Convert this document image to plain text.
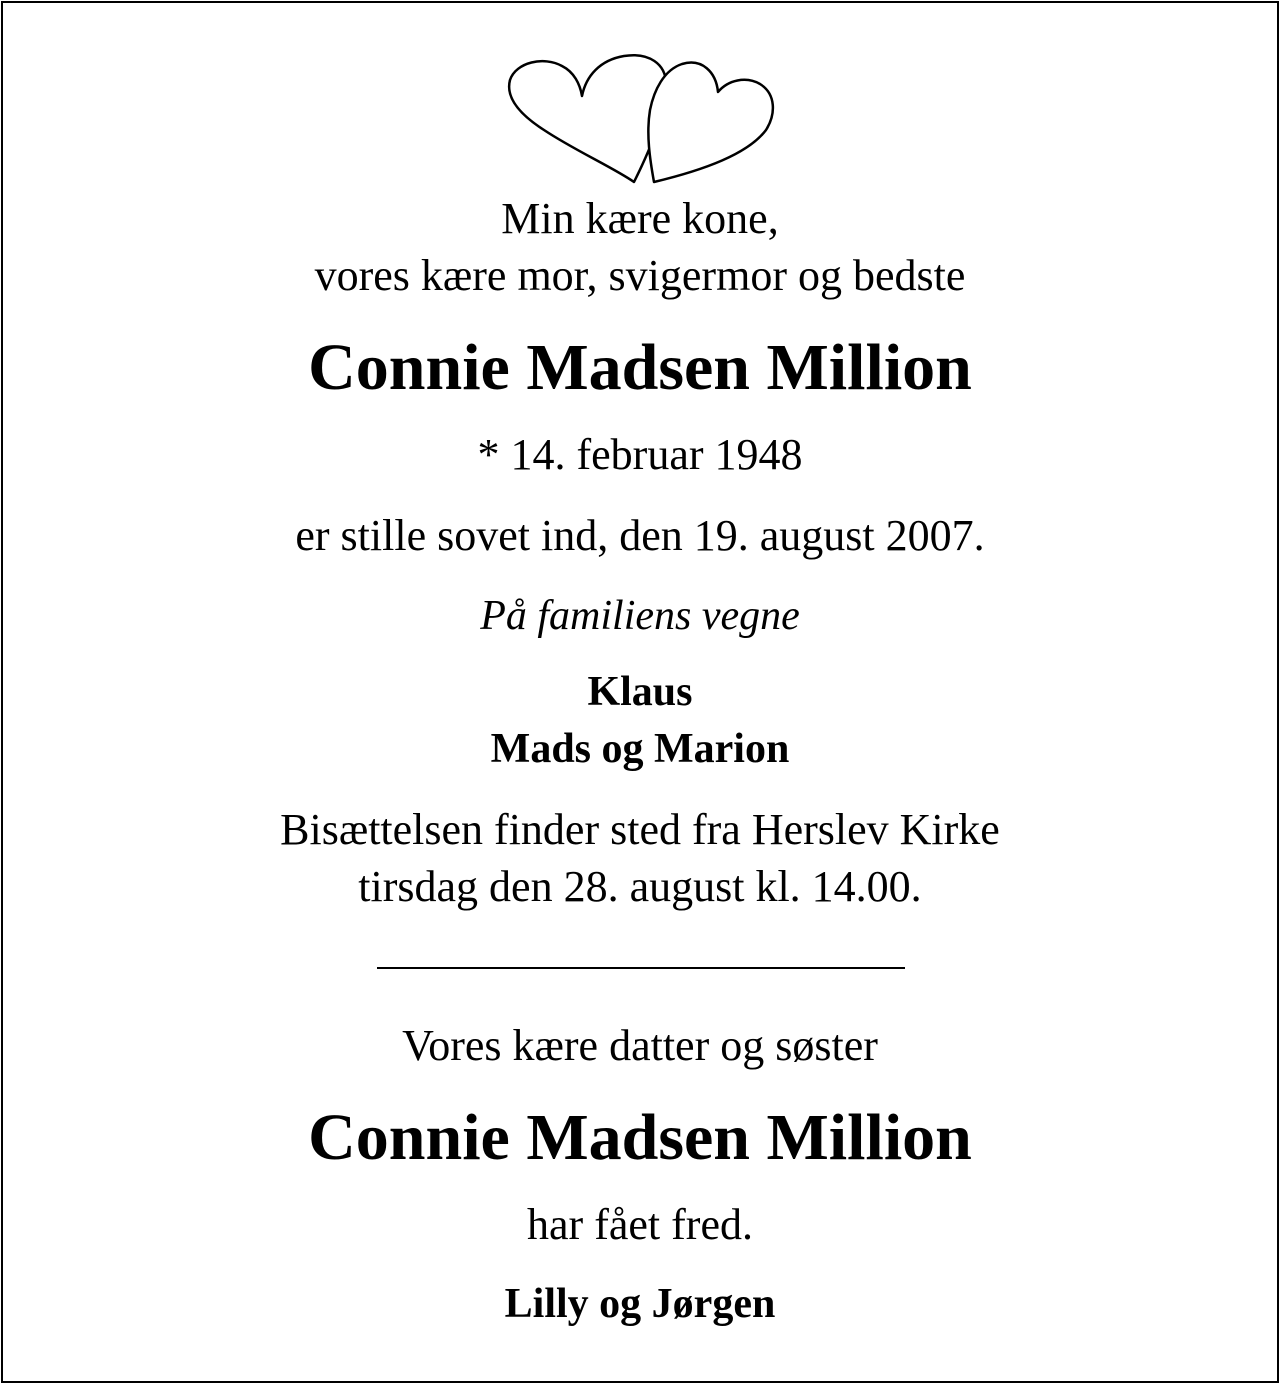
Min kære kone,
vores kære mor, svigermor og bedste
Connie Madsen Million
* 14. februar 1948
er stille sovet ind, den 19. august 2007.
På familiens vegne
Klaus
Mads og Marion
Bisættelsen finder sted fra Herslev Kirke
tirsdag den 28. august kl. 14.00.
Vores kære datter og søster
Connie Madsen Million
har fået fred.
Lilly og Jørgen
